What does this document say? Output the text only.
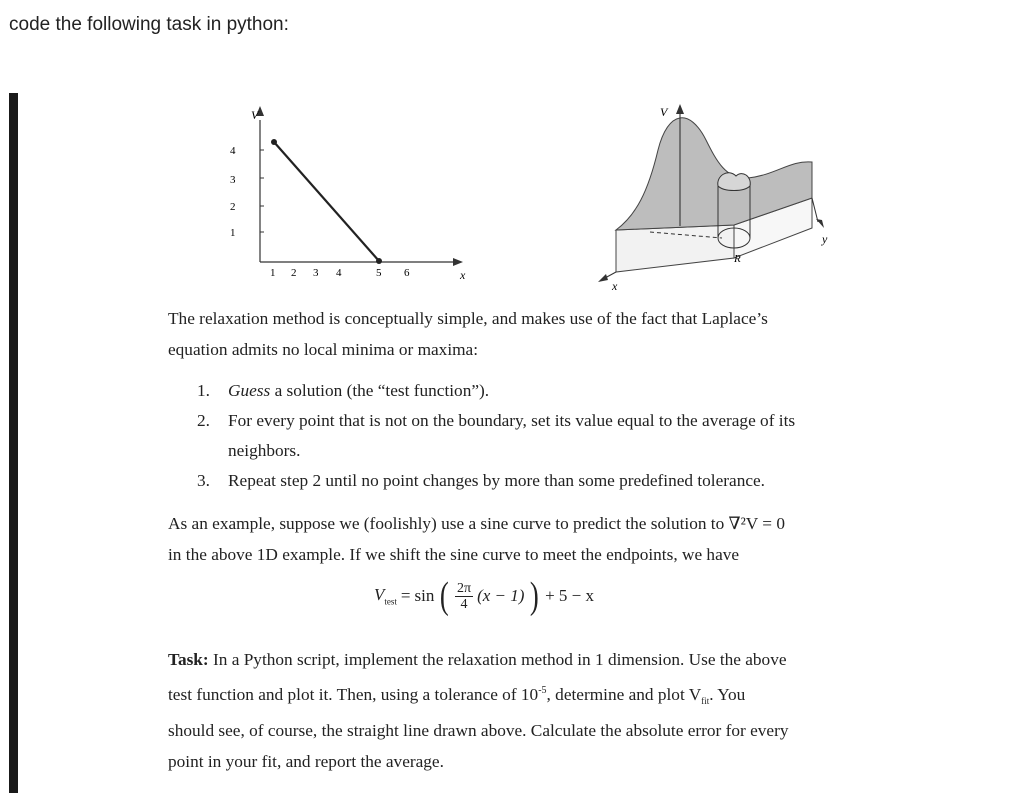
code the following task in python:
V
x
4
3
2
1
1 2 3 4	5 6
V
y
x
R
The relaxation method is conceptually simple, and makes use of the fact that Laplace’s
equation admits no local minima or maxima:
1.	Guess a solution (the “test function”).
2.	For every point that is not on the boundary, set its value equal to the average of its
neighbors.
3.	Repeat step 2 until no point changes by more than some predefined tolerance.
As an example, suppose we (foolishly) use a sine curve to predict the solution to ∇²V = 0
in the above 1D example. If we shift the sine curve to meet the endpoints, we have
$V_{test} = \sin$ ( $\frac{2\pi}{4} (x - 1)$ ) + 5 − x
Task: In a Python script, implement the relaxation method in 1 dimension. Use the above
test function and plot it. Then, using a tolerance of $10^{-5}$, determine and plot $V_{fit}$. You
should see, of course, the straight line drawn above. Calculate the absolute error for every
point in your fit, and report the average.
